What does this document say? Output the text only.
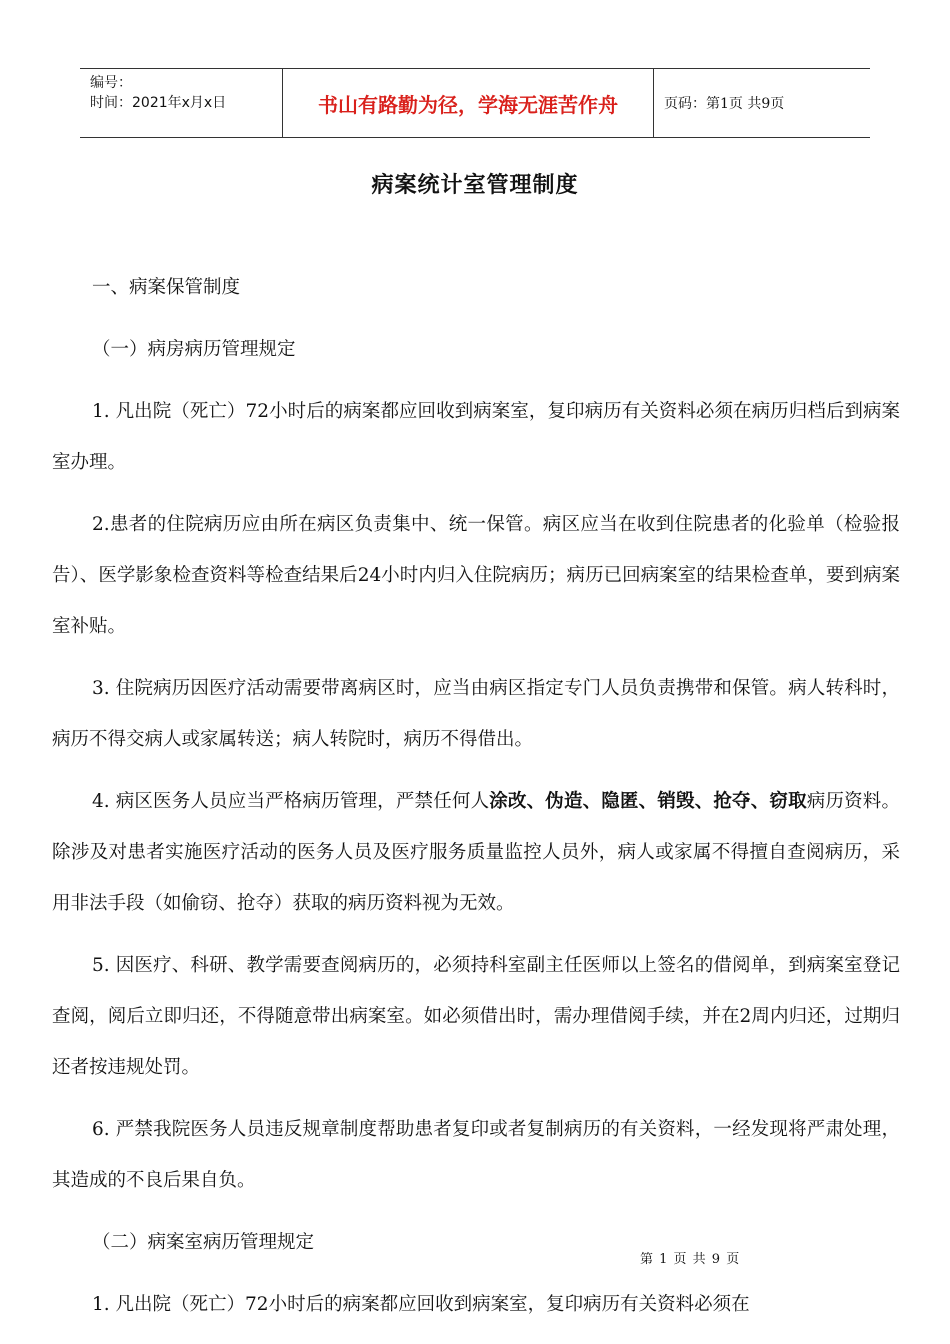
编号：
时间：2021年x月x日	书山有路勤为径，学海无涯苦作舟	页码：第1页 共9页
病案统计室管理制度

一、病案保管制度

（一）病房病历管理规定

1. 凡出院（死亡）72小时后的病案都应回收到病案室，复印病历有关资料必须在病历归档后到病案室办理。

2.患者的住院病历应由所在病区负责集中、统一保管。病区应当在收到住院患者的化验单（检验报告）、医学影象检查资料等检查结果后24小时内归入住院病历；病历已回病案室的结果检查单，要到病案室补贴。

3. 住院病历因医疗活动需要带离病区时，应当由病区指定专门人员负责携带和保管。病人转科时，病历不得交病人或家属转送；病人转院时，病历不得借出。

4. 病区医务人员应当严格病历管理，严禁任何人涂改、伪造、隐匿、销毁、抢夺、窃取病历资料。除涉及对患者实施医疗活动的医务人员及医疗服务质量监控人员外，病人或家属不得擅自查阅病历，采用非法手段（如偷窃、抢夺）获取的病历资料视为无效。

5. 因医疗、科研、教学需要查阅病历的，必须持科室副主任医师以上签名的借阅单，到病案室登记查阅，阅后立即归还，不得随意带出病案室。如必须借出时，需办理借阅手续，并在2周内归还，过期归还者按违规处罚。

6. 严禁我院医务人员违反规章制度帮助患者复印或者复制病历的有关资料，一经发现将严肃处理，其造成的不良后果自负。

（二）病案室病历管理规定

1. 凡出院（死亡）72小时后的病案都应回收到病案室，复印病历有关资料必须在

第 1 页 共 9 页
